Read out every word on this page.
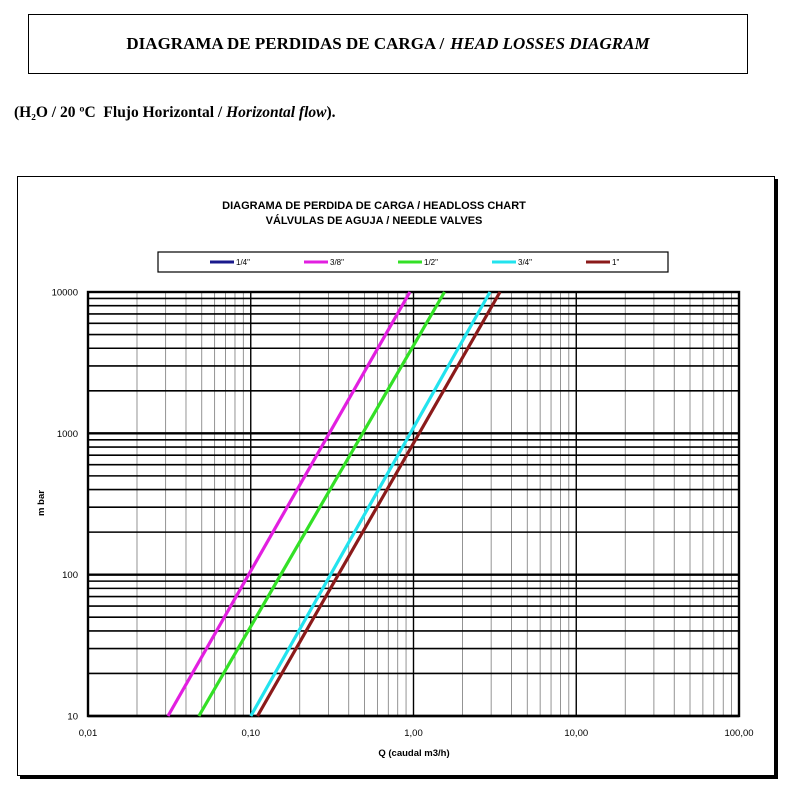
DIAGRAMA DE PERDIDAS DE CARGA / HEAD LOSSES DIAGRAM
(H₂O / 20 ºC  Flujo Horizontal / Horizontal flow).
DIAGRAMA DE PERDIDA DE CARGA / HEADLOSS CHART
VÁLVULAS DE AGUJA / NEEDLE VALVES
1/4"	3/8"	1/2"	3/4"	1"
0,01	0,10	1,00	10,00	100,00
10
100
1000
10000
Q (caudal m3/h)
m bar
